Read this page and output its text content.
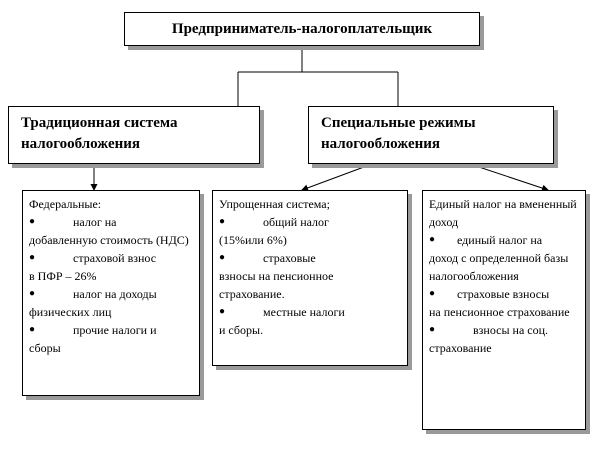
Предприниматель-налогоплательщик
Традиционная система
налогообложения
Специальные режимы
налогообложения
Федеральные:
●	налог на
добавленную стоимость (НДС)
●	страховой взнос
в ПФР – 26%
●	налог на доходы
физических лиц
●	прочие налоги и
сборы
Упрощенная система;
●	общий налог
(15%или 6%)
●	страховые
взносы на пенсионное страхование.
●	местные налоги
и сборы.
Единый налог на вмененный доход
●	единый налог на
доход с определенной базы налогообложения
●	страховые взносы
на пенсионное страхование
●	взносы на соц.
страхование
